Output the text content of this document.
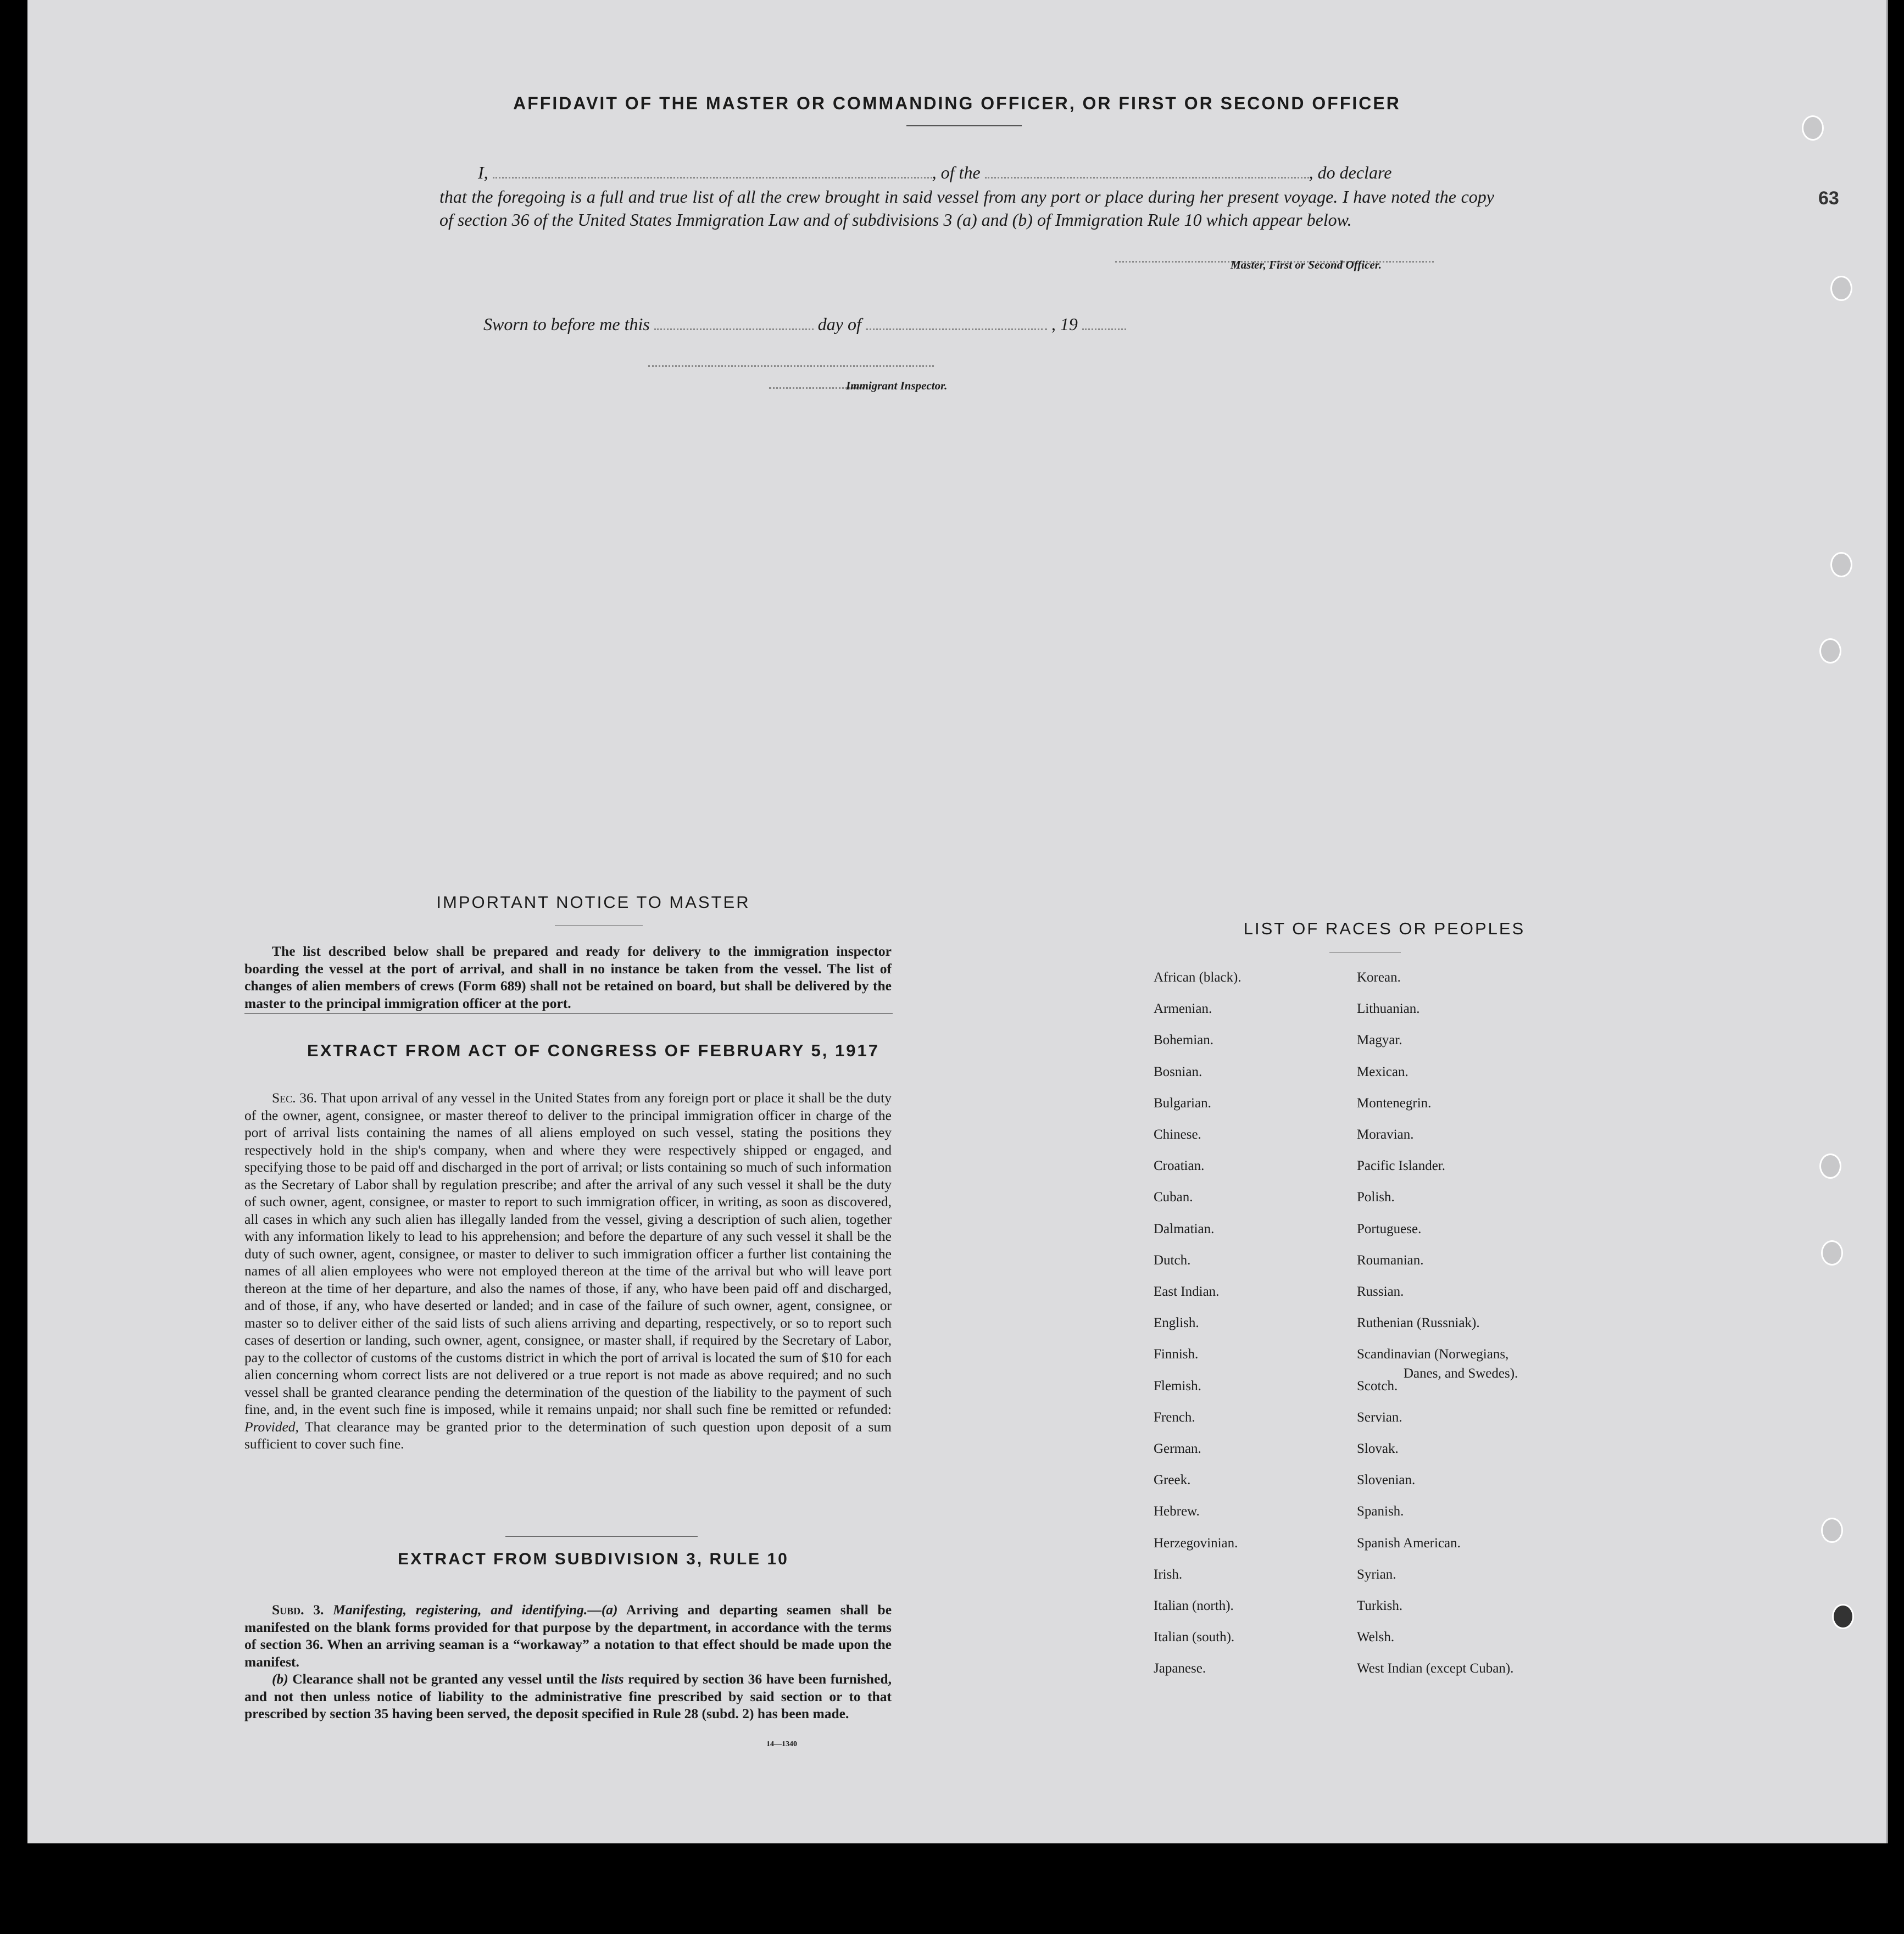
AFFIDAVIT OF THE MASTER OR COMMANDING OFFICER, OR FIRST OR SECOND OFFICER
I,	, of the	, do declare
that the foregoing is a full and true list of all the crew brought in said vessel from any port or place during her present voyage. I have noted the copy of section 36 of the United States Immigration Law and of subdivisions 3 (a) and (b) of Immigration Rule 10 which appear below.
Master, First or Second Officer.
Sworn to before me this	day of	, 19
Immigrant Inspector.
IMPORTANT NOTICE TO MASTER

The list described below shall be prepared and ready for delivery to the immigration inspector boarding the vessel at the port of arrival, and shall in no instance be taken from the vessel. The list of changes of alien members of crews (Form 689) shall not be retained on board, but shall be delivered by the master to the principal immigration officer at the port.

EXTRACT FROM ACT OF CONGRESS OF FEBRUARY 5, 1917

Sec. 36. That upon arrival of any vessel in the United States from any foreign port or place it shall be the duty of the owner, agent, consignee, or master thereof to deliver to the principal immigration officer in charge of the port of arrival lists containing the names of all aliens employed on such vessel, stating the positions they respectively hold in the ship's company, when and where they were respectively shipped or engaged, and specifying those to be paid off and discharged in the port of arrival; or lists containing so much of such information as the Secretary of Labor shall by regulation prescribe; and after the arrival of any such vessel it shall be the duty of such owner, agent, consignee, or master to report to such immigration officer, in writing, as soon as discovered, all cases in which any such alien has illegally landed from the vessel, giving a description of such alien, together with any information likely to lead to his apprehension; and before the departure of any such vessel it shall be the duty of such owner, agent, consignee, or master to deliver to such immigration officer a further list containing the names of all alien employees who were not employed thereon at the time of the arrival but who will leave port thereon at the time of her departure, and also the names of those, if any, who have been paid off and discharged, and of those, if any, who have deserted or landed; and in case of the failure of such owner, agent, consignee, or master so to deliver either of the said lists of such aliens arriving and departing, respectively, or so to report such cases of desertion or landing, such owner, agent, consignee, or master shall, if required by the Secretary of Labor, pay to the collector of customs of the customs district in which the port of arrival is located the sum of $10 for each alien concerning whom correct lists are not delivered or a true report is not made as above required; and no such vessel shall be granted clearance pending the determination of the question of the liability to the payment of such fine, and, in the event such fine is imposed, while it remains unpaid; nor shall such fine be remitted or refunded: Provided, That clearance may be granted prior to the determination of such question upon deposit of a sum sufficient to cover such fine.

EXTRACT FROM SUBDIVISION 3, RULE 10

Subd. 3. Manifesting, registering, and identifying.—(a) Arriving and departing seamen shall be manifested on the blank forms provided for that purpose by the department, in accordance with the terms of section 36. When an arriving seaman is a “workaway” a notation to that effect should be made upon the manifest.

(b) Clearance shall not be granted any vessel until the lists required by section 36 have been furnished, and not then unless notice of liability to the administrative fine prescribed by said section or to that prescribed by section 35 having been served, the deposit specified in Rule 28 (subd. 2) has been made.

14—1340
LIST OF RACES OR PEOPLES
African (black).
Armenian.
Bohemian.
Bosnian.
Bulgarian.
Chinese.
Croatian.
Cuban.
Dalmatian.
Dutch.
East Indian.
English.
Finnish.
Flemish.
French.
German.
Greek.
Hebrew.
Herzegovinian.
Irish.
Italian (north).
Italian (south).
Japanese.
Korean.
Lithuanian.
Magyar.
Mexican.
Montenegrin.
Moravian.
Pacific Islander.
Polish.
Portuguese.
Roumanian.
Russian.
Ruthenian (Russniak).
Scandinavian (Norwegians,
Scotch.
Servian.
Slovak.
Slovenian.
Spanish.
Spanish American.
Syrian.
Turkish.
Welsh.
West Indian (except Cuban).
Danes, and Swedes).
63
